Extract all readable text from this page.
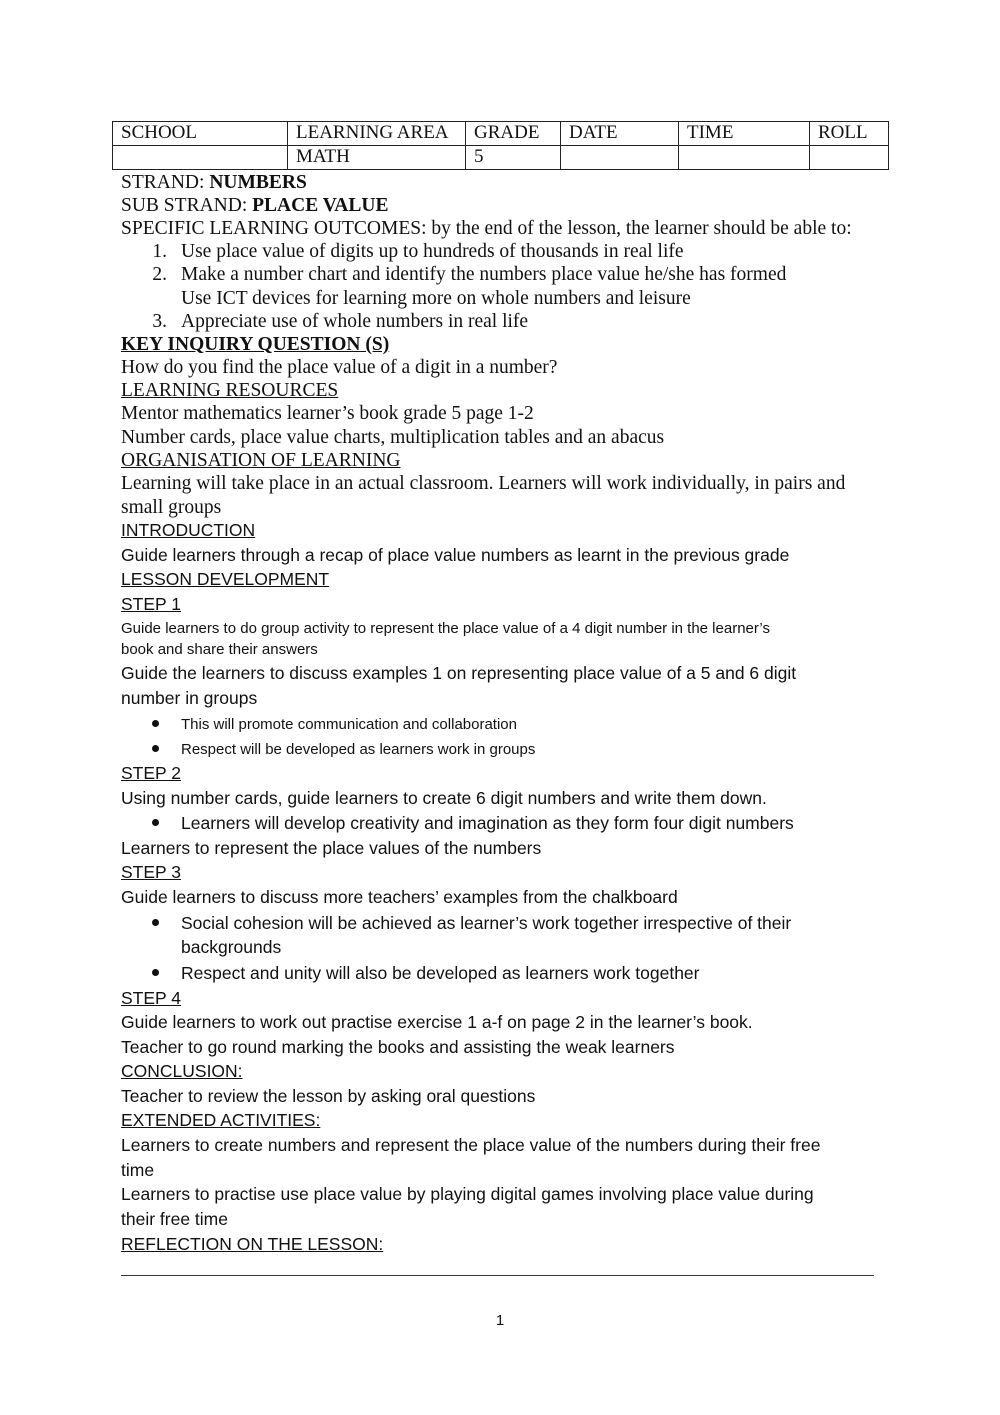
SCHOOL	LEARNING AREA	GRADE	DATE	TIME	ROLL
	MATH	5			
STRAND: NUMBERS
SUB STRAND: PLACE VALUE
SPECIFIC LEARNING OUTCOMES: by the end of the lesson, the learner should be able to:
1. Use place value of digits up to hundreds of thousands in real life
2. Make a number chart and identify the numbers place value he/she has formed
Use ICT devices for learning more on whole numbers and leisure
3. Appreciate use of whole numbers in real life
KEY INQUIRY QUESTION (S)
How do you find the place value of a digit in a number?
LEARNING RESOURCES
Mentor mathematics learner’s book grade 5 page 1-2
Number cards, place value charts, multiplication tables and an abacus
ORGANISATION OF LEARNING
Learning will take place in an actual classroom. Learners will work individually, in pairs and
small groups
INTRODUCTION
Guide learners through a recap of place value numbers as learnt in the previous grade
LESSON DEVELOPMENT
STEP 1
Guide learners to do group activity to represent the place value of a 4 digit number in the learner’s
book and share their answers
Guide the learners to discuss examples 1 on representing place value of a 5 and 6 digit
number in groups
This will promote communication and collaboration
Respect will be developed as learners work in groups
STEP 2
Using number cards, guide learners to create 6 digit numbers and write them down.
Learners will develop creativity and imagination as they form four digit numbers
Learners to represent the place values of the numbers
STEP 3
Guide learners to discuss more teachers’ examples from the chalkboard
Social cohesion will be achieved as learner’s work together irrespective of their
backgrounds
Respect and unity will also be developed as learners work together
STEP 4
Guide learners to work out practise exercise 1 a-f on page 2 in the learner’s book.
Teacher to go round marking the books and assisting the weak learners
CONCLUSION:
Teacher to review the lesson by asking oral questions
EXTENDED ACTIVITIES:
Learners to create numbers and represent the place value of the numbers during their free
time
Learners to practise use place value by playing digital games involving place value during
their free time
REFLECTION ON THE LESSON:
1
